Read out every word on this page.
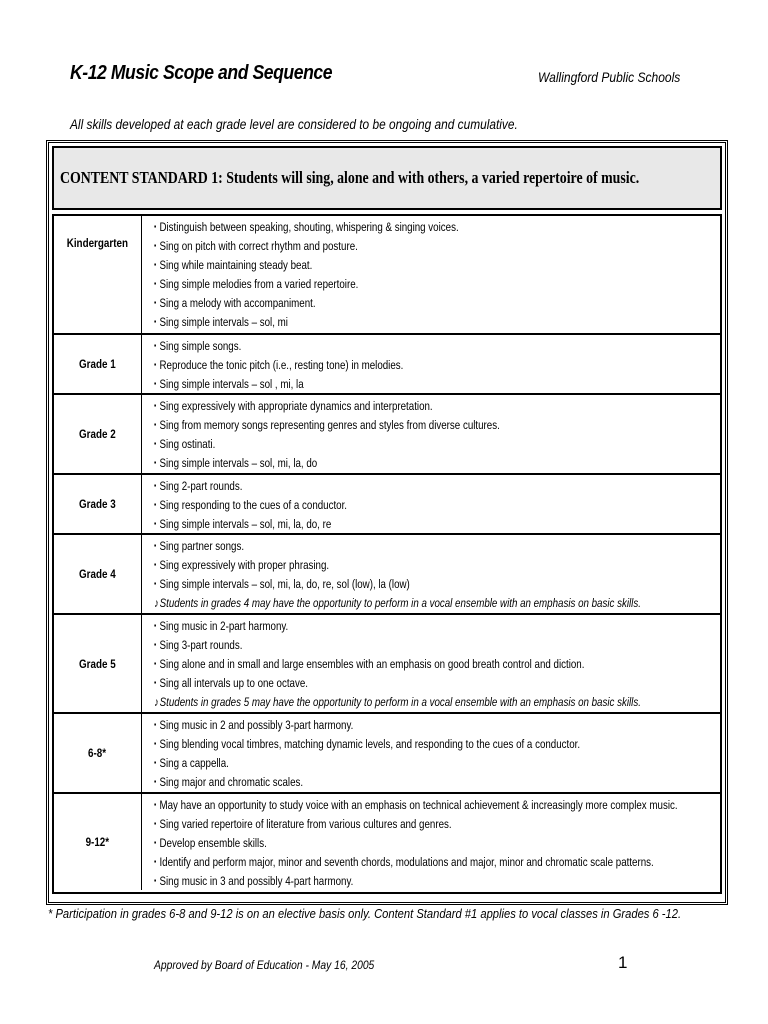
K-12 Music Scope and Sequence	Wallingford Public Schools
All skills developed at each grade level are considered to be ongoing and cumulative.
CONTENT STANDARD 1: Students will sing, alone and with others, a varied repertoire of music.
Kindergarten
▪ Distinguish between speaking, shouting, whispering & singing voices.
▪ Sing on pitch with correct rhythm and posture.
▪ Sing while maintaining steady beat.
▪ Sing simple melodies from a varied repertoire.
▪ Sing a melody with accompaniment.
▪ Sing simple intervals – sol, mi
Grade 1
▪ Sing simple songs.
▪ Reproduce the tonic pitch (i.e., resting tone) in melodies.
▪ Sing simple intervals – sol , mi, la
Grade 2
▪ Sing expressively with appropriate dynamics and interpretation.
▪ Sing from memory songs representing genres and styles from diverse cultures.
▪ Sing ostinati.
▪ Sing simple intervals – sol, mi, la, do
Grade 3
▪ Sing 2-part rounds.
▪ Sing responding to the cues of a conductor.
▪ Sing simple intervals – sol, mi, la, do, re
Grade 4
▪ Sing partner songs.
▪ Sing expressively with proper phrasing.
▪ Sing simple intervals – sol, mi, la, do, re, sol (low), la (low)
♪Students in grades 4 may have the opportunity to perform in a vocal ensemble with an emphasis on basic skills.
Grade 5
▪ Sing music in 2-part harmony.
▪ Sing 3-part rounds.
▪ Sing alone and in small and large ensembles with an emphasis on good breath control and diction.
▪ Sing all intervals up to one octave.
♪Students in grades 5 may have the opportunity to perform in a vocal ensemble with an emphasis on basic skills.
6-8*
▪ Sing music in 2 and possibly 3-part harmony.
▪ Sing blending vocal timbres, matching dynamic levels, and responding to the cues of a conductor.
▪ Sing a cappella.
▪ Sing major and chromatic scales.
9-12*
▪ May have an opportunity to study voice with an emphasis on technical achievement & increasingly more complex music.
▪ Sing varied repertoire of literature from various cultures and genres.
▪ Develop ensemble skills.
▪ Identify and perform major, minor and seventh chords, modulations and major, minor and chromatic scale patterns.
▪ Sing music in 3 and possibly 4-part harmony.
* Participation in grades 6-8 and 9-12 is on an elective basis only. Content Standard #1 applies to vocal classes in Grades 6 -12.
Approved by Board of Education - May 16, 2005	1
